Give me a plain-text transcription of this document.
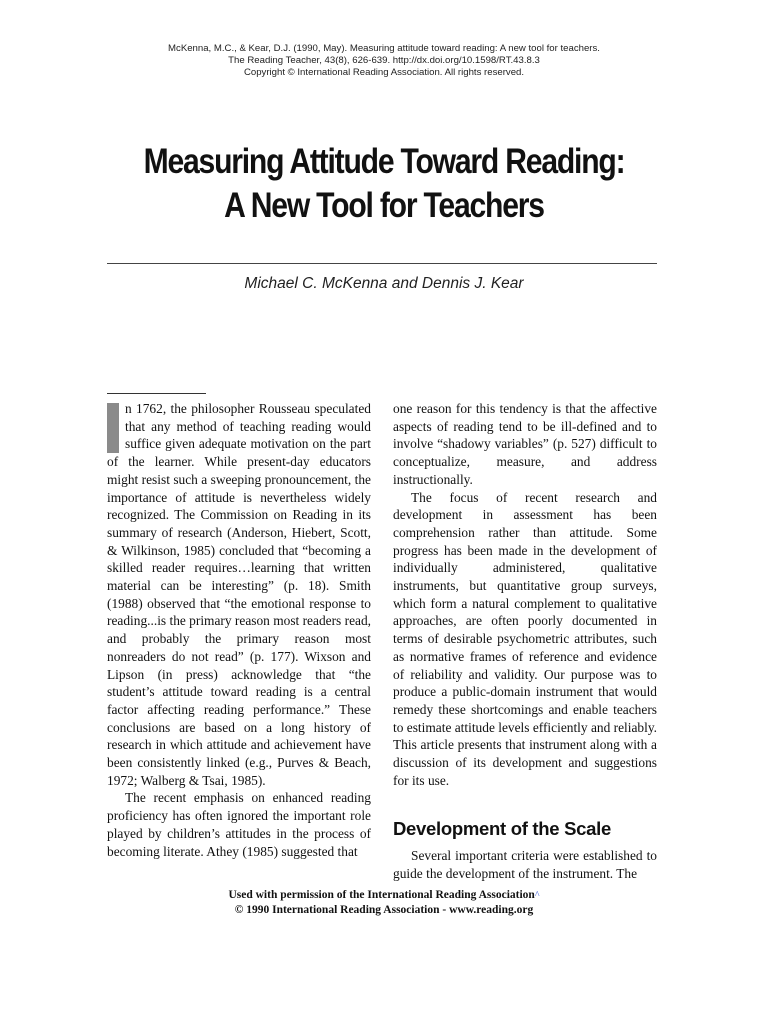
McKenna, M.C., & Kear, D.J. (1990, May). Measuring attitude toward reading: A new tool for teachers.
The Reading Teacher, 43(8), 626-639. http://dx.doi.org/10.1598/RT.43.8.3
Copyright © International Reading Association. All rights reserved.
Measuring Attitude Toward Reading:
A New Tool for Teachers
Michael C. McKenna and Dennis J. Kear

n 1762, the philosopher Rousseau speculated that any method of teaching reading would suffice given adequate motivation on the part of the learner. While present-day educators might resist such a sweeping pronouncement, the importance of attitude is nevertheless widely recognized. The Commission on Reading in its summary of research (Anderson, Hiebert, Scott, & Wilkinson, 1985) concluded that “becoming a skilled reader requires…learning that written material can be interesting” (p. 18). Smith (1988) observed that “the emotional response to reading...is the primary reason most readers read, and probably the primary reason most nonreaders do not read” (p. 177). Wixson and Lipson (in press) acknowledge that “the student’s attitude toward reading is a central factor affecting reading performance.” These conclusions are based on a long history of research in which attitude and achievement have been consistently linked (e.g., Purves & Beach, 1972; Walberg & Tsai, 1985).

The recent emphasis on enhanced reading proficiency has often ignored the important role played by children’s attitudes in the process of becoming literate. Athey (1985) suggested that

one reason for this tendency is that the affective aspects of reading tend to be ill-defined and to involve “shadowy variables” (p. 527) difficult to conceptualize, measure, and address instructionally.

The focus of recent research and development in assessment has been comprehension rather than attitude. Some progress has been made in the development of individually administered, qualitative instruments, but quantitative group surveys, which form a natural complement to qualitative approaches, are often poorly documented in terms of desirable psychometric attributes, such as normative frames of reference and evidence of reliability and validity. Our purpose was to produce a public-domain instrument that would remedy these shortcomings and enable teachers to estimate attitude levels efficiently and reliably. This article presents that instrument along with a discussion of its development and suggestions for its use.

Development of the Scale

Several important criteria were established to guide the development of the instrument. The

Used with permission of the International Reading Association^
© 1990 International Reading Association - www.reading.org
